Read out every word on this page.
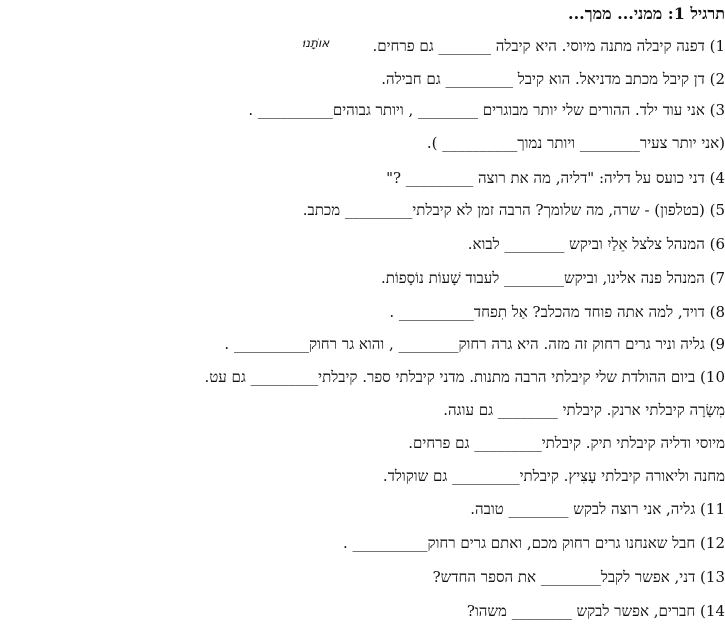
תרגיל 1: ממני... ממך...
1) דפנה קיבלה מתנה מיוסי. היא קיבלה _______ גם פרחים.
אוֹתָנוּ
2) דן קיבל מכתב מדניאל. הוא קיבל _________ גם חבילה.
3) אני עוד ילד. ההורים שלי יותר מבוגרים ________ , ויותר גבוהים__________ .
(אני יותר צעיר________ ויותר נמוך__________ ).
4) דני כועס על דליה: "דליה, מה את רוצה _________ ?"
5) (בטלפון) - שרה, מה שלומך? הרבה זמן לא קיבלתי_________ מכתב.
6) המנהל צלצל אֵלַיִ וביקש ________ לבוא.
7) המנהל פנה אלינו, וביקש________ לעבוד שָׁעוֹת נוֹסָפוֹת.
8) דויד, למה אתה פוחד מהכלב? אַל תִפחד__________ .
9) גליה וניר גרים רחוק זה מזה. היא גרה רחוק________ , והוא גר רחוק__________ .
10) ביום ההולדת שלי קיבלתי הרבה מתנות. מדני קיבלתי ספר. קיבלתי_________ גם עט.
מִשָׂרָה קיבלתי ארנק. קיבלתי ________ גם עוגה.
מיוסי ודליה קיבלתי תיק. קיבלתי_________ גם פרחים.
מחנה וליאורה קיבלתי עָצִיץ. קיבלתי_________ גם שוקולד.
11) גליה, אני רוצה לבקש ________ טובה.
12) חבל שאנחנו גרים רחוק מכם, ואתם גרים רחוק__________ .
13) דני, אפשר לקבל________ את הספר החדש?
14) חברים, אפשר לבקש ________ משהו?
